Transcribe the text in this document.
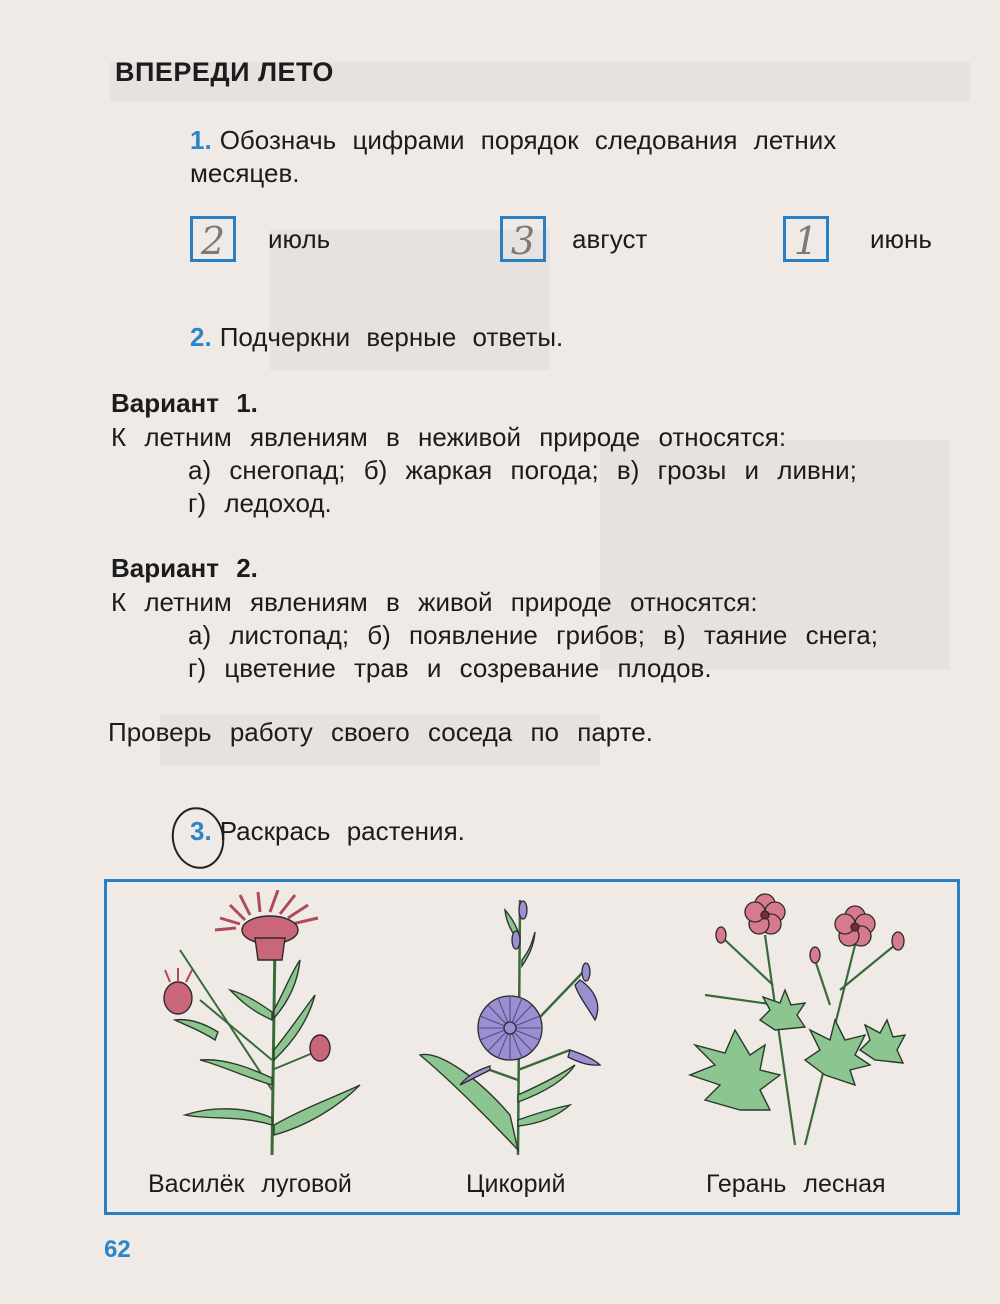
ВПЕРЕДИ ЛЕТО
1. Обозначь цифрами порядок следования летних
месяцев.
2	июль	3	август	1	июнь
2. Подчеркни верные ответы.
Вариант 1.
К летним явлениям в неживой природе относятся:
а) снегопад; б) жаркая погода; в) грозы и ливни;
г) ледоход.
Вариант 2.
К летним явлениям в живой природе относятся:
а) листопад; б) появление грибов; в) таяние снега;
г) цветение трав и созревание плодов.
Проверь работу своего соседа по парте.
3. Раскрась растения.
Василёк луговой	Цикорий	Герань лесная
62
